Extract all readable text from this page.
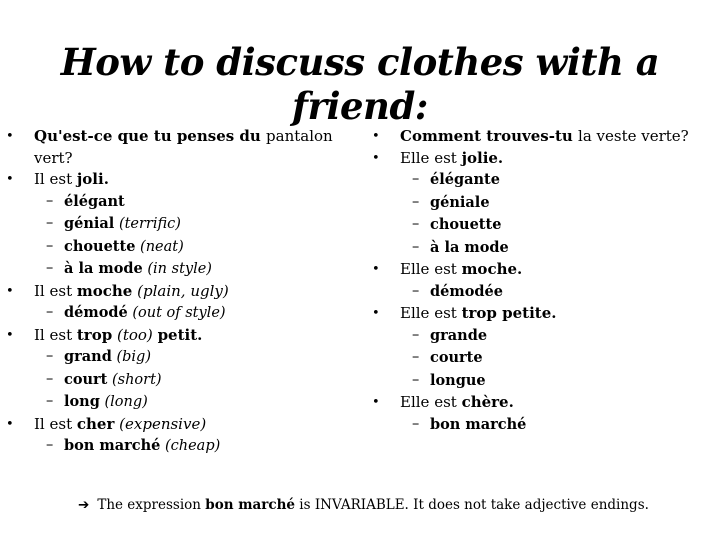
How to discuss clothes with a friend:
• Qu'est-ce que tu penses du pantalon vert?
• Il est joli.
– élégant
– génial (terrific)
– chouette (neat)
– à la mode (in style)
• Il est moche (plain, ugly)
– démodé (out of style)
• Il est trop (too) petit.
– grand (big)
– court (short)
– long (long)
• Il est cher (expensive)
– bon marché (cheap)
• Comment trouves-tu la veste verte?
• Elle est jolie.
– élégante
– géniale
– chouette
– à la mode
• Elle est moche.
– démodée
• Elle est trop petite.
– grande
– courte
– longue
• Elle est chère.
– bon marché
➔ The expression bon marché is INVARIABLE. It does not take adjective endings.
